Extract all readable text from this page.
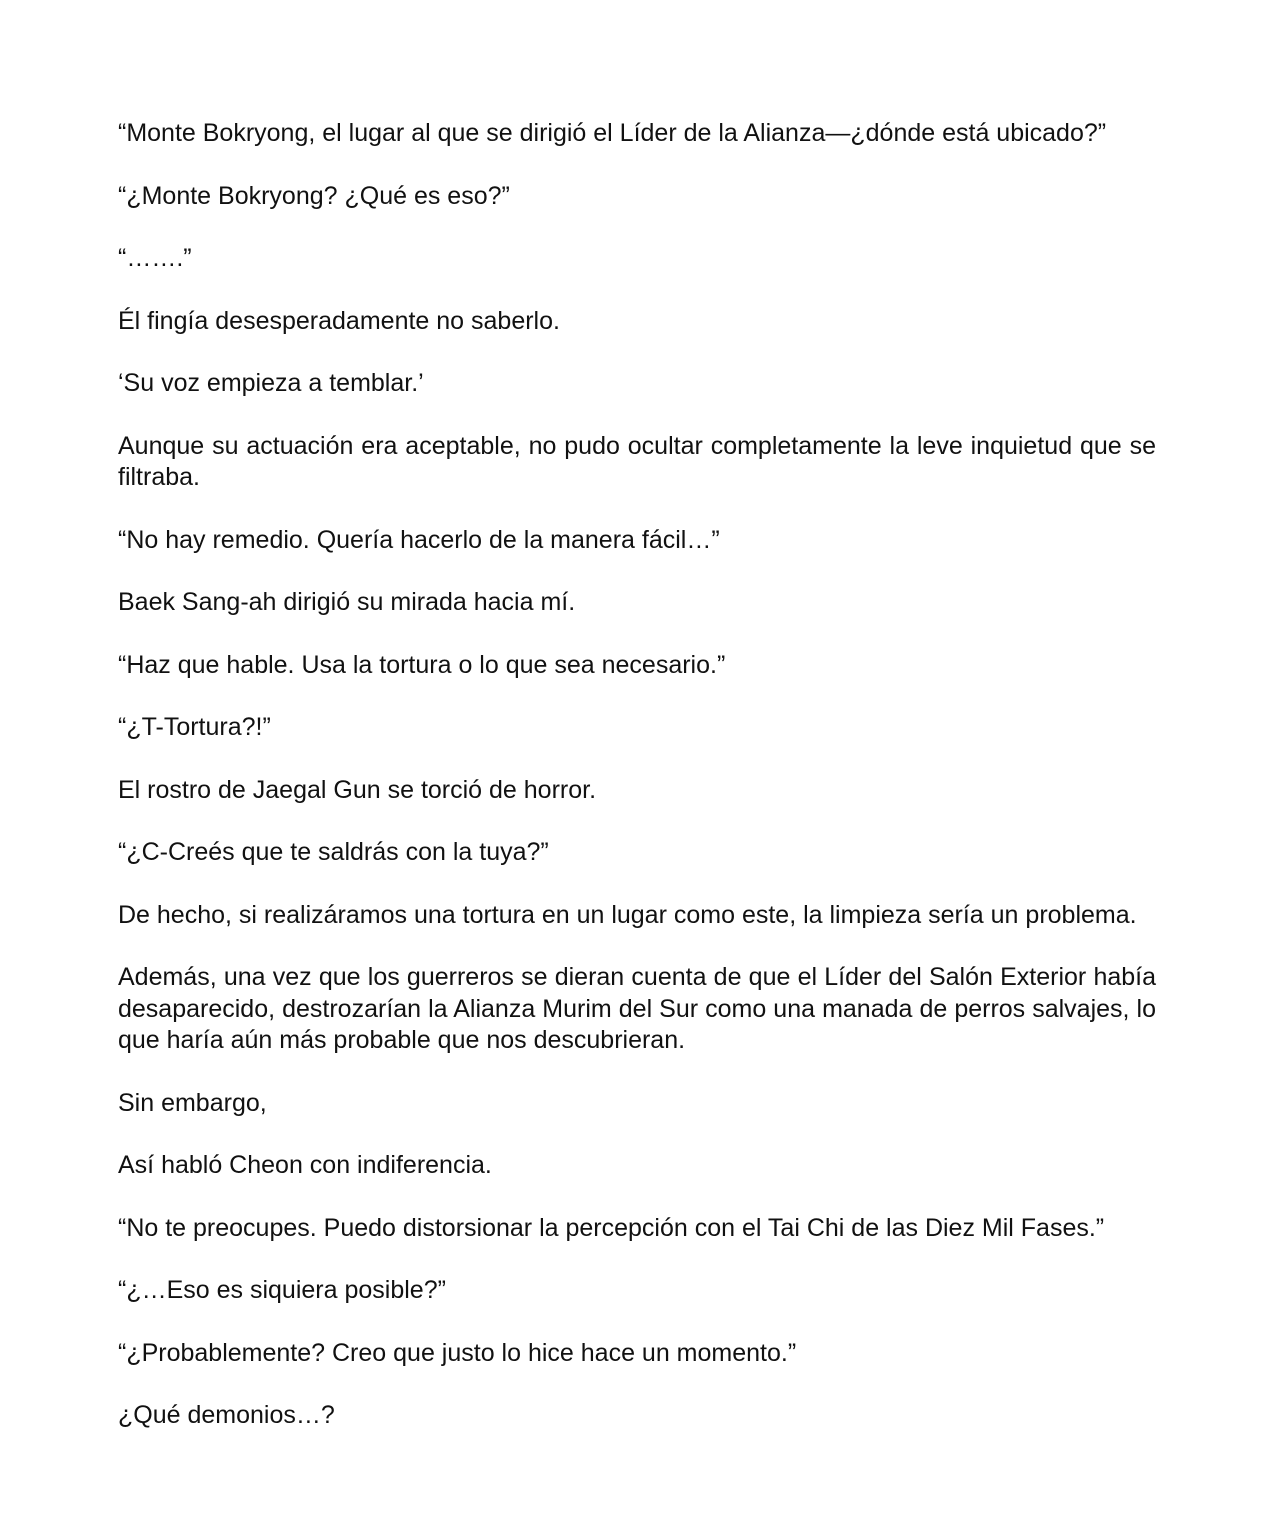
“Monte Bokryong, el lugar al que se dirigió el Líder de la Alianza—¿dónde está ubicado?”

“¿Monte Bokryong? ¿Qué es eso?”

“…….”

Él fingía desesperadamente no saberlo.

‘Su voz empieza a temblar.’

Aunque su actuación era aceptable, no pudo ocultar completamente la leve inquietud que se filtraba.

“No hay remedio. Quería hacerlo de la manera fácil…”

Baek Sang-ah dirigió su mirada hacia mí.

“Haz que hable. Usa la tortura o lo que sea necesario.”

“¿T-Tortura?!”

El rostro de Jaegal Gun se torció de horror.

“¿C-Creés que te saldrás con la tuya?”

De hecho, si realizáramos una tortura en un lugar como este, la limpieza sería un problema.

Además, una vez que los guerreros se dieran cuenta de que el Líder del Salón Exterior había desaparecido, destrozarían la Alianza Murim del Sur como una manada de perros salvajes, lo que haría aún más probable que nos descubrieran.

Sin embargo,

Así habló Cheon con indiferencia.

“No te preocupes. Puedo distorsionar la percepción con el Tai Chi de las Diez Mil Fases.”

“¿…Eso es siquiera posible?”

“¿Probablemente? Creo que justo lo hice hace un momento.”

¿Qué demonios…?
